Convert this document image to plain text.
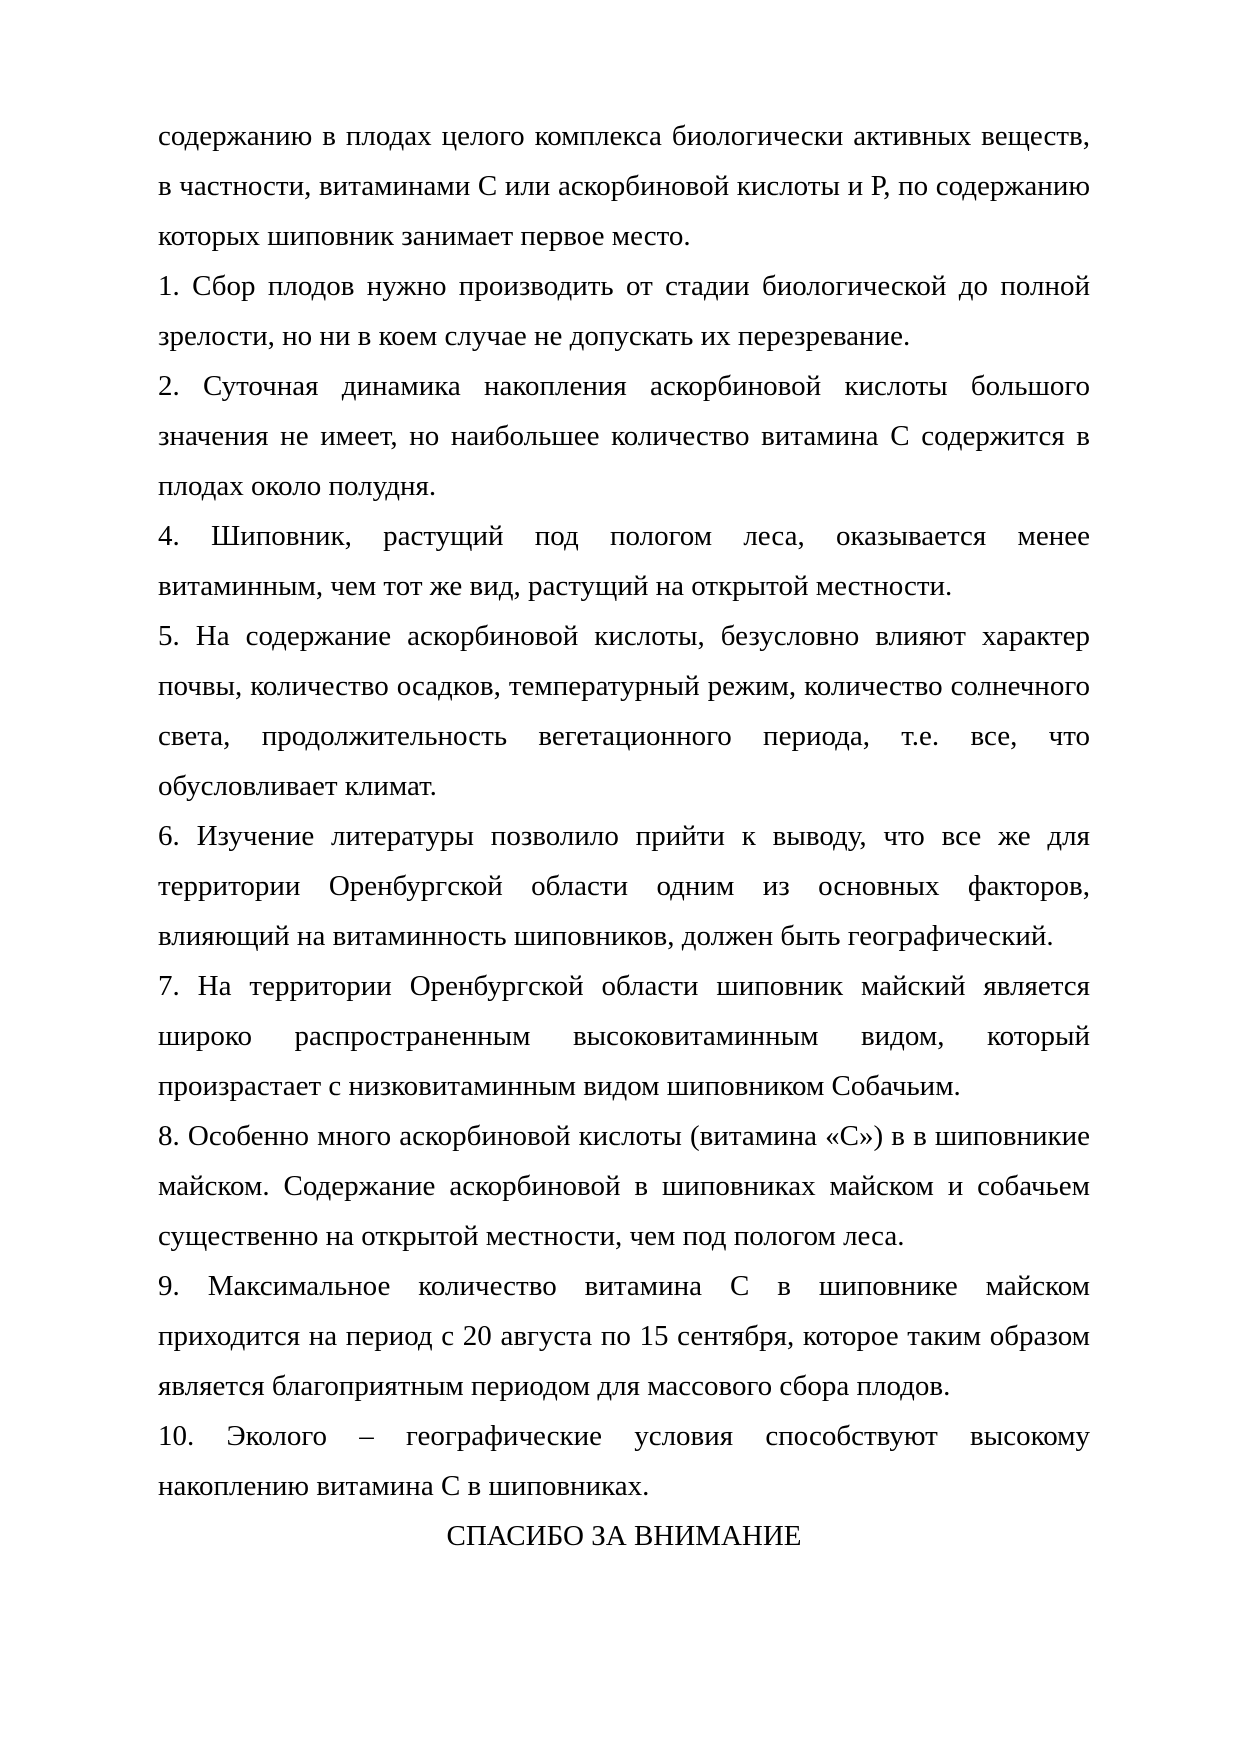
содержанию в плодах целого комплекса биологически активных веществ, в частности, витаминами С или аскорбиновой кислоты и Р, по содержанию которых шиповник занимает первое место.

1. Сбор плодов нужно производить от стадии биологической до полной зрелости, но ни в коем случае не допускать их перезревание.

2. Суточная динамика накопления аскорбиновой кислоты большого значения не имеет, но наибольшее количество витамина С содержится в плодах около полудня.

4. Шиповник, растущий под пологом леса, оказывается менее витаминным, чем тот же вид, растущий на открытой местности.

5. На содержание аскорбиновой кислоты, безусловно влияют характер почвы, количество осадков, температурный режим, количество солнечного света, продолжительность вегетационного периода, т.е. все, что обусловливает климат.

6. Изучение литературы позволило прийти к выводу, что все же для территории Оренбургской области одним из основных факторов, влияющий на витаминность шиповников, должен быть географический.

7. На территории Оренбургской области шиповник майский является широко распространенным высоковитаминным видом, который произрастает с низковитаминным видом шиповником Собачьим.

8. Особенно много аскорбиновой кислоты (витамина «С») в в шиповникие майском. Содержание аскорбиновой в шиповниках майском и собачьем существенно на открытой местности, чем под пологом леса.

9. Максимальное количество витамина С в шиповнике майском приходится на период с 20 августа по 15 сентября, которое таким образом является благоприятным периодом для массового сбора плодов.

10. Эколого – географические условия способствуют высокому накоплению витамина С в шиповниках.

СПАСИБО ЗА ВНИМАНИЕ
